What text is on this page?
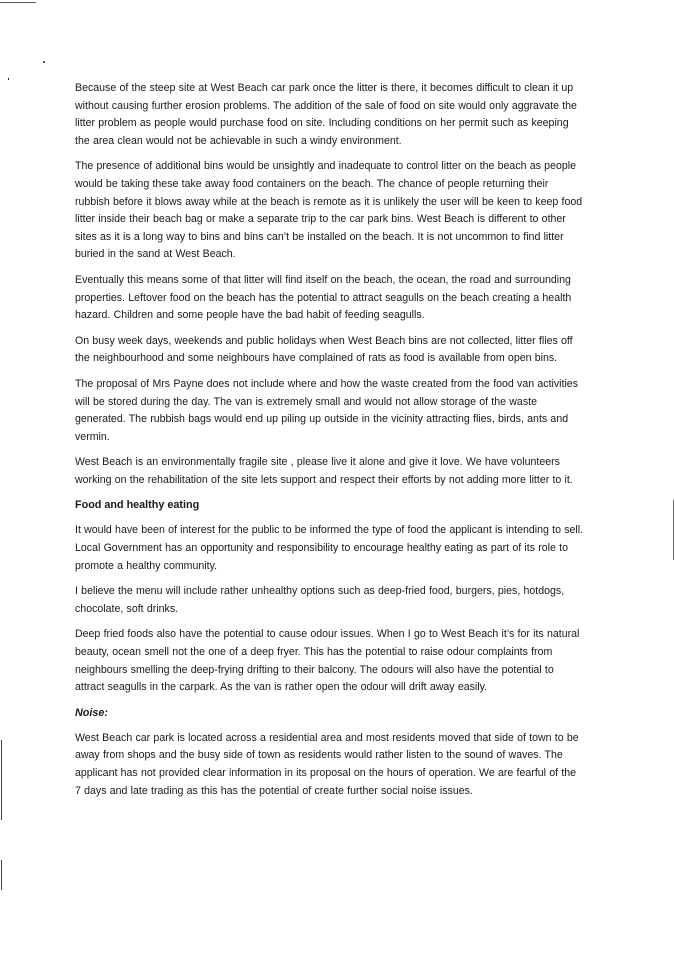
Because of the steep site at West Beach car park once the litter is there, it becomes difficult to clean it up without causing further erosion problems. The addition of the sale of food on site would only aggravate the litter problem as people would purchase food on site. Including conditions on her permit such as keeping the area clean would not be achievable in such a windy environment.

The presence of additional bins would be unsightly and inadequate to control litter on the beach as people would be taking these take away food containers on the beach. The chance of people returning their rubbish before it blows away while at the beach is remote as it is unlikely the user will be keen to keep food litter inside their beach bag or make a separate trip to the car park bins. West Beach is different to other sites as it is a long way to bins and bins can’t be installed on the beach. It is not uncommon to find litter buried in the sand at West Beach.

Eventually this means some of that litter will find itself on the beach, the ocean, the road and surrounding properties. Leftover food on the beach has the potential to attract seagulls on the beach creating a health hazard. Children and some people have the bad habit of feeding seagulls.

On busy week days, weekends and public holidays when West Beach bins are not collected, litter flies off the neighbourhood and some neighbours have complained of rats as food is available from open bins.

The proposal of Mrs Payne does not include where and how the waste created from the food van activities will be stored during the day. The van is extremely small and would not allow storage of the waste generated. The rubbish bags would end up piling up outside in the vicinity attracting flies, birds, ants and vermin.

West Beach is an environmentally fragile site , please live it alone and give it love. We have volunteers working on the rehabilitation of the site lets support and respect their efforts by not adding more litter to it.

Food and healthy eating

It would have been of interest for the public to be informed the type of food the applicant is intending to sell. Local Government has an opportunity and responsibility to encourage healthy eating as part of its role to promote a healthy community.

I believe the menu will include rather unhealthy options such as deep-fried food, burgers, pies, hotdogs, chocolate, soft drinks.

Deep fried foods also have the potential to cause odour issues. When I go to West Beach it’s for its natural beauty, ocean smell not the one of a deep fryer. This has the potential to raise odour complaints from neighbours smelling the deep-frying drifting to their balcony. The odours will also have the potential to attract seagulls in the carpark. As the van is rather open the odour will drift away easily.

Noise:

West Beach car park is located across a residential area and most residents moved that side of town to be away from shops and the busy side of town as residents would rather listen to the sound of waves. The applicant has not provided clear information in its proposal on the hours of operation. We are fearful of the 7 days and late trading as this has the potential of create further social noise issues.
